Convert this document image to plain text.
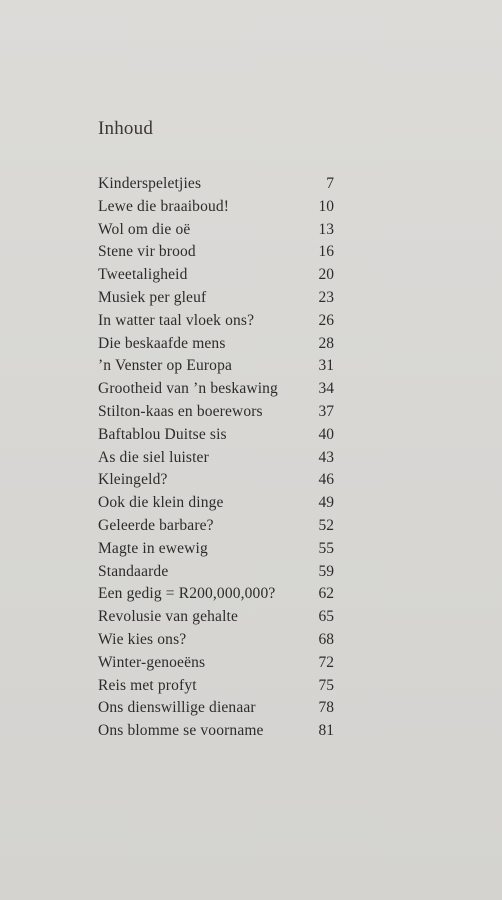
Inhoud
Kinderspeletjies	7
Lewe die braaiboud!	10
Wol om die oë	13
Stene vir brood	16
Tweetaligheid	20
Musiek per gleuf	23
In watter taal vloek ons?	26
Die beskaafde mens	28
’n Venster op Europa	31
Grootheid van ’n beskawing	34
Stilton-kaas en boerewors	37
Baftablou Duitse sis	40
As die siel luister	43
Kleingeld?	46
Ook die klein dinge	49
Geleerde barbare?	52
Magte in ewewig	55
Standaarde	59
Een gedig = R200,000,000?	62
Revolusie van gehalte	65
Wie kies ons?	68
Winter-genoeëns	72
Reis met profyt	75
Ons dienswillige dienaar	78
Ons blomme se voorname	81
